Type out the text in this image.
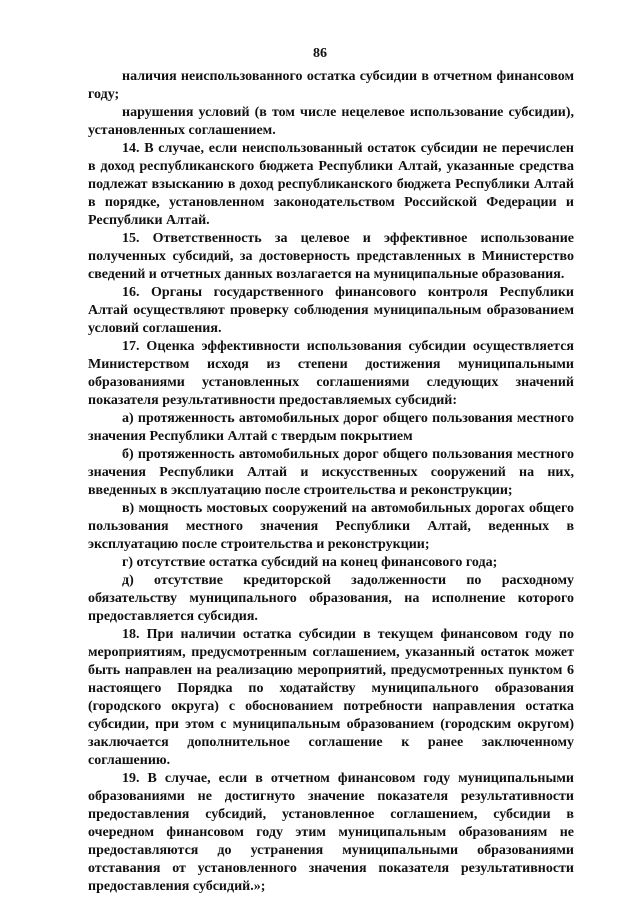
86

наличия неиспользованного остатка субсидии в отчетном финансовом году;

нарушения условий (в том числе нецелевое использование субсидии), установленных соглашением.

14. В случае, если неиспользованный остаток субсидии не перечислен в доход республиканского бюджета Республики Алтай, указанные средства подлежат взысканию в доход республиканского бюджета Республики Алтай в порядке, установленном законодательством Российской Федерации и Республики Алтай.

15. Ответственность за целевое и эффективное использование полученных субсидий, за достоверность представленных в Министерство сведений и отчетных данных возлагается на муниципальные образования.

16. Органы государственного финансового контроля Республики Алтай осуществляют проверку соблюдения муниципальным образованием условий соглашения.

17. Оценка эффективности использования субсидии осуществляется Министерством исходя из степени достижения муниципальными образованиями установленных соглашениями следующих значений показателя результативности предоставляемых субсидий:

а) протяженность автомобильных дорог общего пользования местного значения Республики Алтай с твердым покрытием

б) протяженность автомобильных дорог общего пользования местного значения Республики Алтай и искусственных сооружений на них, введенных в эксплуатацию после строительства и реконструкции;

в) мощность мостовых сооружений на автомобильных дорогах общего пользования местного значения Республики Алтай, веденных в эксплуатацию после строительства и реконструкции;

г) отсутствие остатка субсидий на конец финансового года;

д) отсутствие кредиторской задолженности по расходному обязательству муниципального образования, на исполнение которого предоставляется субсидия.

18. При наличии остатка субсидии в текущем финансовом году по мероприятиям, предусмотренным соглашением, указанный остаток может быть направлен на реализацию мероприятий, предусмотренных пунктом 6 настоящего Порядка по ходатайству муниципального образования (городского округа) с обоснованием потребности направления остатка субсидии, при этом с муниципальным образованием (городским округом) заключается дополнительное соглашение к ранее заключенному соглашению.

19. В случае, если в отчетном финансовом году муниципальными образованиями не достигнуто значение показателя результативности предоставления субсидий, установленное соглашением, субсидии в очередном финансовом году этим муниципальным образованиям не предоставляются до устранения муниципальными образованиями отставания от установленного значения показателя результативности предоставления субсидий.»;
